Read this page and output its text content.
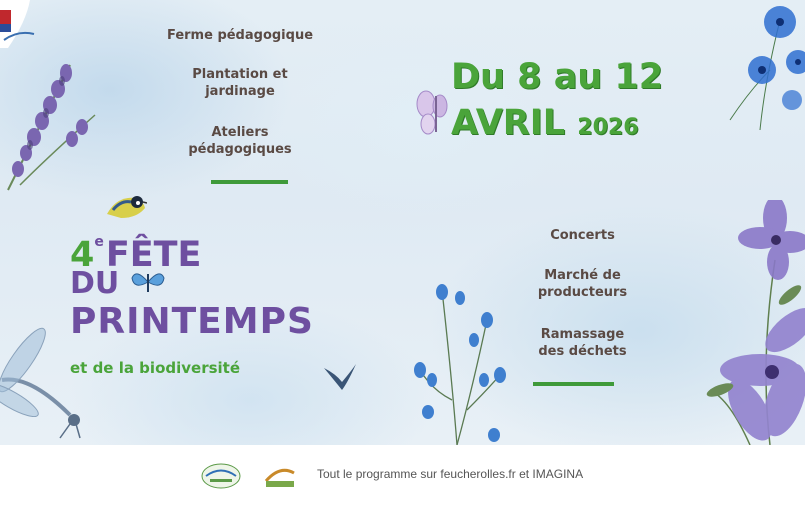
Ferme pédagogique
Plantation et
jardinage
Ateliers
pédagogiques
Du 8 au 12
AVRIL 2026
4eFÊTE
DU
PRINTEMPS
et de la biodiversité
Concerts
Marché de
producteurs
Ramassage
des déchets
Tout le programme sur feucherolles.fr et IMAGINA
